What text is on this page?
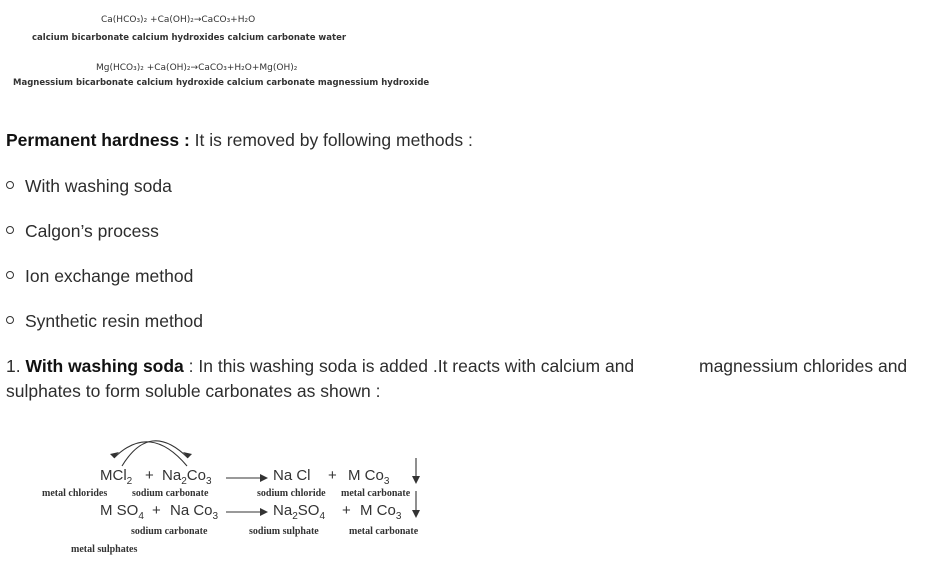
Ca(HCO₃)₂ +Ca(OH)₂→CaCO₃+H₂O
calcium bicarbonate calcium hydroxides calcium carbonate water
Mg(HCO₃)₂ +Ca(OH)₂→CaCO₃+H₂O+Mg(OH)₂
Magnessium bicarbonate calcium hydroxide calcium carbonate magnessium hydroxide
Permanent hardness : It is removed by following methods :
With washing soda
Calgon’s process
Ion exchange method
Synthetic resin method
1. With washing soda : In this washing soda is added .It reacts with calcium and	magnessium chlorides and
sulphates to form soluble carbonates as shown :
$MCl_2 + Na_2Co_3$	Na Cl + M $Co_3$
metal chlorides sodium carbonate	sodium chloride metal carbonate
M $SO_4 + Na$ $Co_3$	$Na_2SO_4 + M$ $Co_3$
sodium carbonate	sodium sulphate	metal carbonate
metal sulphates
